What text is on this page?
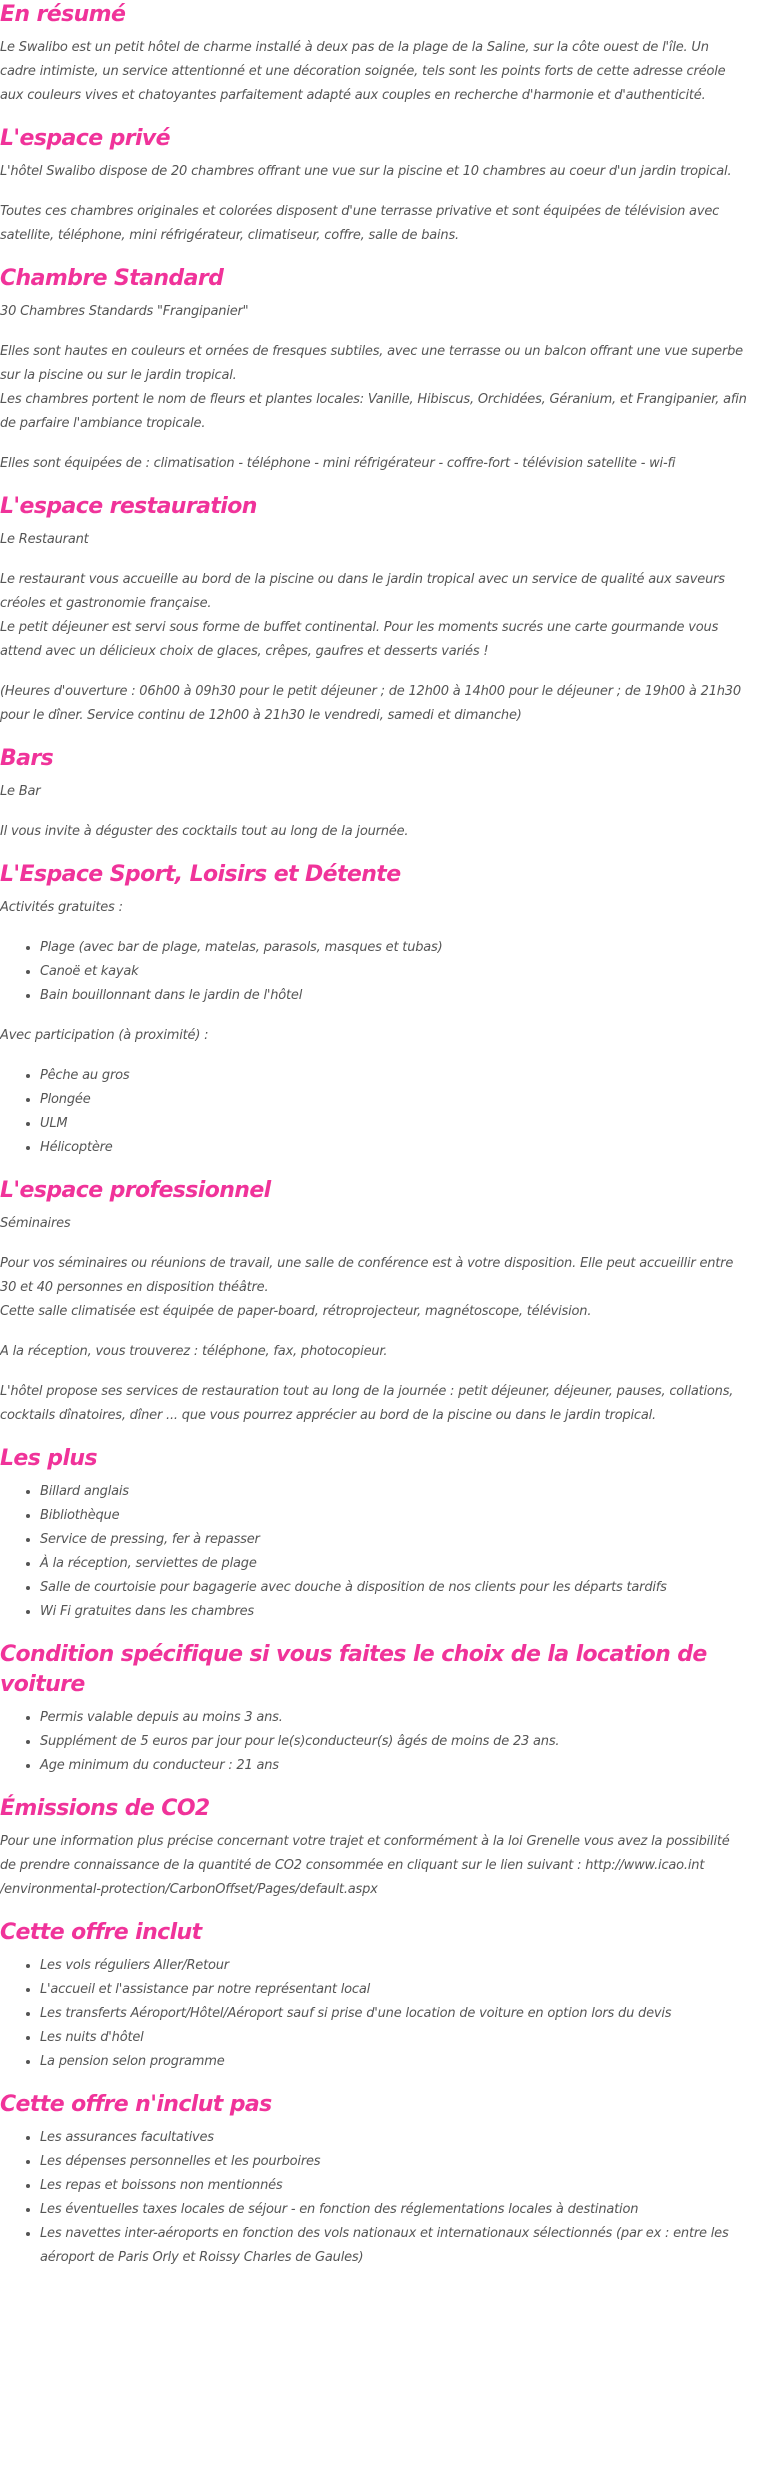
En résumé

Le Swalibo est un petit hôtel de charme installé à deux pas de la plage de la Saline, sur la côte ouest de l'île. Un cadre intimiste, un service attentionné et une décoration soignée, tels sont les points forts de cette adresse créole aux couleurs vives et chatoyantes parfaitement adapté aux couples en recherche d'harmonie et d'authenticité.

L'espace privé

L'hôtel Swalibo dispose de 20 chambres offrant une vue sur la piscine et 10 chambres au coeur d'un jardin tropical.

Toutes ces chambres originales et colorées disposent d'une terrasse privative et sont équipées de télévision avec satellite, téléphone, mini réfrigérateur, climatiseur, coffre, salle de bains.

Chambre Standard

30 Chambres Standards "Frangipanier"

Elles sont hautes en couleurs et ornées de fresques subtiles, avec une terrasse ou un balcon offrant une vue superbe sur la piscine ou sur le jardin tropical.

Les chambres portent le nom de fleurs et plantes locales: Vanille, Hibiscus, Orchidées, Géranium, et Frangipanier, afin de parfaire l'ambiance tropicale.

Elles sont équipées de : climatisation - téléphone - mini réfrigérateur - coffre-fort - télévision satellite - wi-fi

L'espace restauration

Le Restaurant

Le restaurant vous accueille au bord de la piscine ou dans le jardin tropical avec un service de qualité aux saveurs créoles et gastronomie française.

Le petit déjeuner est servi sous forme de buffet continental. Pour les moments sucrés une carte gourmande vous attend avec un délicieux choix de glaces, crêpes, gaufres et desserts variés !

(Heures d'ouverture : 06h00 à 09h30 pour le petit déjeuner ; de 12h00 à 14h00 pour le déjeuner ; de 19h00 à 21h30 pour le dîner. Service continu de 12h00 à 21h30 le vendredi, samedi et dimanche)

Bars

Le Bar

Il vous invite à déguster des cocktails tout au long de la journée.

L'Espace Sport, Loisirs et Détente

Activités gratuites :

• Plage (avec bar de plage, matelas, parasols, masques et tubas)
• Canoë et kayak
• Bain bouillonnant dans le jardin de l'hôtel

Avec participation (à proximité) :

• Pêche au gros
• Plongée
• ULM
• Hélicoptère
L'espace professionnel

Séminaires

Pour vos séminaires ou réunions de travail, une salle de conférence est à votre disposition. Elle peut accueillir entre 30 et 40 personnes en disposition théâtre.

Cette salle climatisée est équipée de paper-board, rétroprojecteur, magnétoscope, télévision.

A la réception, vous trouverez : téléphone, fax, photocopieur.

L'hôtel propose ses services de restauration tout au long de la journée : petit déjeuner, déjeuner, pauses, collations, cocktails dînatoires, dîner ... que vous pourrez apprécier au bord de la piscine ou dans le jardin tropical.

Les plus
• Billard anglais
• Bibliothèque
• Service de pressing, fer à repasser
• À la réception, serviettes de plage
• Salle de courtoisie pour bagagerie avec douche à disposition de nos clients pour les départs tardifs
• Wi Fi gratuites dans les chambres
Condition spécifique si vous faites le choix de la location de voiture
• Permis valable depuis au moins 3 ans.
• Supplément de 5 euros par jour pour le(s)conducteur(s) âgés de moins de 23 ans.
• Age minimum du conducteur : 21 ans
Émissions de CO2

Pour une information plus précise concernant votre trajet et conformément à la loi Grenelle vous avez la possibilité de prendre connaissance de la quantité de CO2 consommée en cliquant sur le lien suivant : http://www.icao.int /environmental-protection/CarbonOffset/Pages/default.aspx

Cette offre inclut
• Les vols réguliers Aller/Retour
• L'accueil et l'assistance par notre représentant local
• Les transferts Aéroport/Hôtel/Aéroport sauf si prise d'une location de voiture en option lors du devis
• Les nuits d'hôtel
• La pension selon programme
Cette offre n'inclut pas
• Les assurances facultatives
• Les dépenses personnelles et les pourboires
• Les repas et boissons non mentionnés
• Les éventuelles taxes locales de séjour - en fonction des réglementations locales à destination
• Les navettes inter-aéroports en fonction des vols nationaux et internationaux sélectionnés (par ex : entre les aéroport de Paris Orly et Roissy Charles de Gaules)
